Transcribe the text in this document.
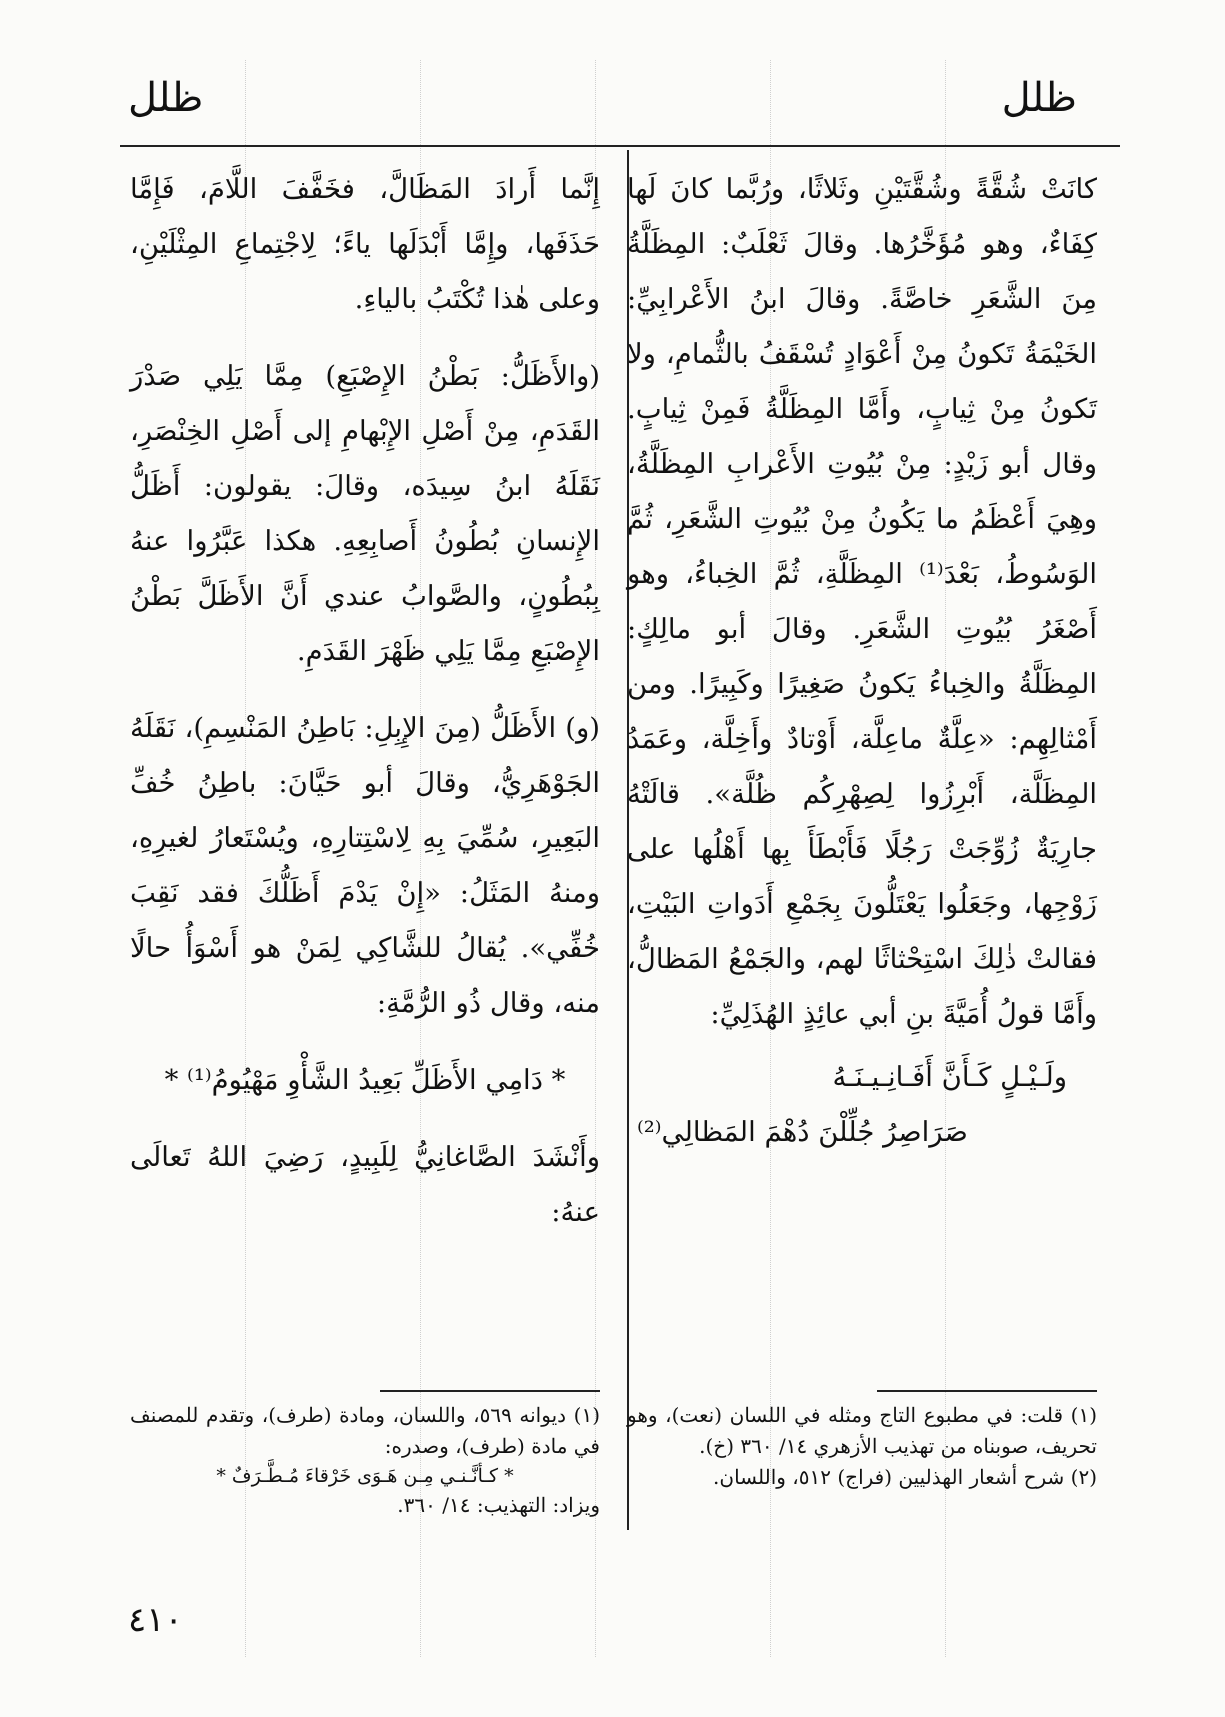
ظلل
ظلل

كانَتْ شُقَّةً وشُقَّتَيْنِ وثَلاثًا، ورُبَّما كانَ لَها كِفَاءٌ، وهو مُؤَخَّرُها. وقالَ ثَعْلَبٌ: المِظَلَّةُ مِنَ الشَّعَرِ خاصَّةً. وقالَ ابنُ الأَعْرابِيِّ: الخَيْمَةُ تَكونُ مِنْ أَعْوَادٍ تُسْقَفُ بالثُّمامِ، ولا تَكونُ مِنْ ثِيابٍ، وأَمَّا المِظَلَّةُ فَمِنْ ثِيابٍ. وقال أبو زَيْدٍ: مِنْ بُيُوتِ الأَعْرابِ المِظَلَّةُ، وهِيَ أَعْظَمُ ما يَكُونُ مِنْ بُيُوتِ الشَّعَرِ، ثُمَّ الوَسُوطُ، بَعْدَ⁽¹⁾ المِظَلَّةِ، ثُمَّ الخِباءُ، وهو أَصْغَرُ بُيُوتِ الشَّعَرِ. وقالَ أبو مالِكٍ: المِظَلَّةُ والخِباءُ يَكونُ صَغِيرًا وكَبِيرًا. ومن أَمْثالِهِم: «عِلَّةٌ ماعِلَّة، أَوْتادٌ وأَخِلَّة، وعَمَدُ المِظَلَّة، أَبْرِزُوا لِصِهْرِكُم ظُلَّة». قالَتْهُ جارِيَةٌ زُوِّجَتْ رَجُلًا فَأَبْطَأَ بِها أَهْلُها على زَوْجِها، وجَعَلُوا يَعْتَلُّونَ بِجَمْعِ أَدَواتِ البَيْتِ، فقالتْ ذٰلِكَ اسْتِحْثاثًا لهم، والجَمْعُ المَظالُّ، وأَمَّا قولُ أُمَيَّةَ بنِ أبي عائِذٍ الهُذَلِيِّ:

ولَـيْـلٍ كَـأَنَّ أَفَـانِـيـنَـهُ
صَرَاصِرُ جُلِّلْنَ دُهْمَ المَظالِي⁽²⁾

إِنَّما أَرادَ المَظَالَّ، فخَفَّفَ اللَّامَ، فَإِمَّا حَذَفَها، وإِمَّا أَبْدَلَها ياءً؛ لِاجْتِماعِ المِثْلَيْنِ، وعلى هٰذا تُكْتَبُ بالياءِ.

(والأَظَلُّ: بَطْنُ الإِصْبَعِ) مِمَّا يَلِي صَدْرَ القَدَمِ، مِنْ أَصْلِ الإِبْهامِ إلى أَصْلِ الخِنْصَرِ، نَقَلَهُ ابنُ سِيدَه، وقالَ: يقولون: أَظَلُّ الإِنسانِ بُطُونُ أَصابِعِهِ. هكذا عَبَّرُوا عنهُ بِبُطُونٍ، والصَّوابُ عندي أَنَّ الأَظَلَّ بَطْنُ الإِصْبَعِ مِمَّا يَلِي ظَهْرَ القَدَمِ.

(و) الأَظَلُّ (مِنَ الإِبِلِ: بَاطِنُ المَنْسِمِ)، نَقَلَهُ الجَوْهَرِيُّ، وقالَ أبو حَيَّانَ: باطِنُ خُفِّ البَعِيرِ، سُمِّيَ بِهِ لِاسْتِتارِهِ، ويُسْتَعارُ لغيرِهِ، ومنهُ المَثَلُ: «إِنْ يَدْمَ أَظَلُّكَ فقد نَقِبَ خُفِّي». يُقالُ للشَّاكِي لِمَنْ هو أَسْوَأُ حالًا منه، وقال ذُو الرُّمَّةِ:

* دَامِي الأَظَلِّ بَعِيدُ الشَّأْوِ مَهْيُومُ⁽¹⁾ *

وأَنْشَدَ الصَّاغانِيُّ لِلَبِيدٍ، رَضِيَ اللهُ تَعالَى عنهُ:

(١) قلت: في مطبوع التاج ومثله في اللسان (نعت)، وهو تحريف، صوبناه من تهذيب الأزهري ١٤/ ٣٦٠ (خ).

(٢) شرح أشعار الهذليين (فراج) ٥١٢، واللسان.

(١) ديوانه ٥٦٩، واللسان، ومادة (طرف)، وتقدم للمصنف في مادة (طرف)، وصدره:

* كـأنَّـنـي مِـن هَـوَى خَرْقاءَ مُـطَّـرَفٌ *

ويزاد: التهذيب: ١٤/ ٣٦٠.

٤١٠
